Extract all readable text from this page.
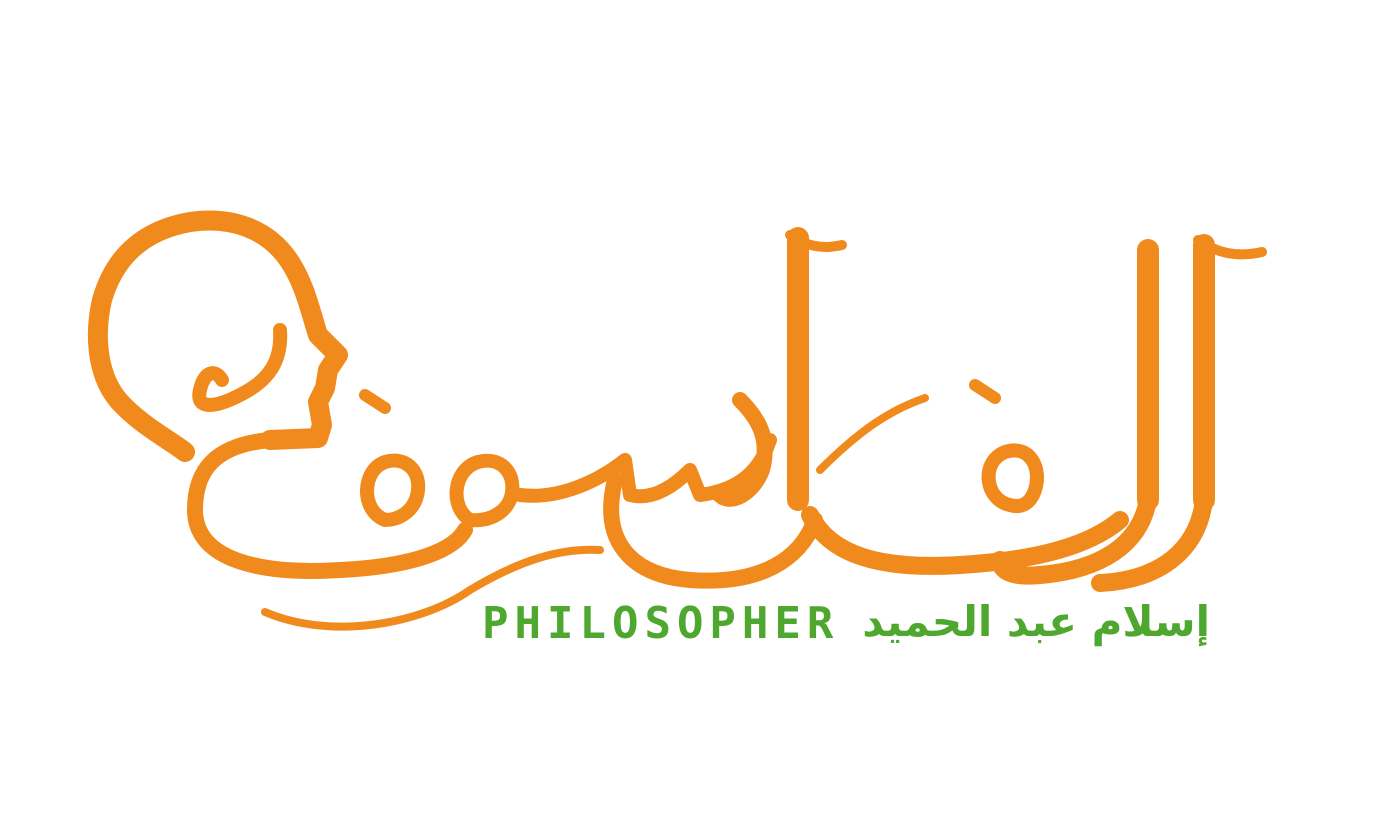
PHILOSOPHER إسلام عبد الحميد
